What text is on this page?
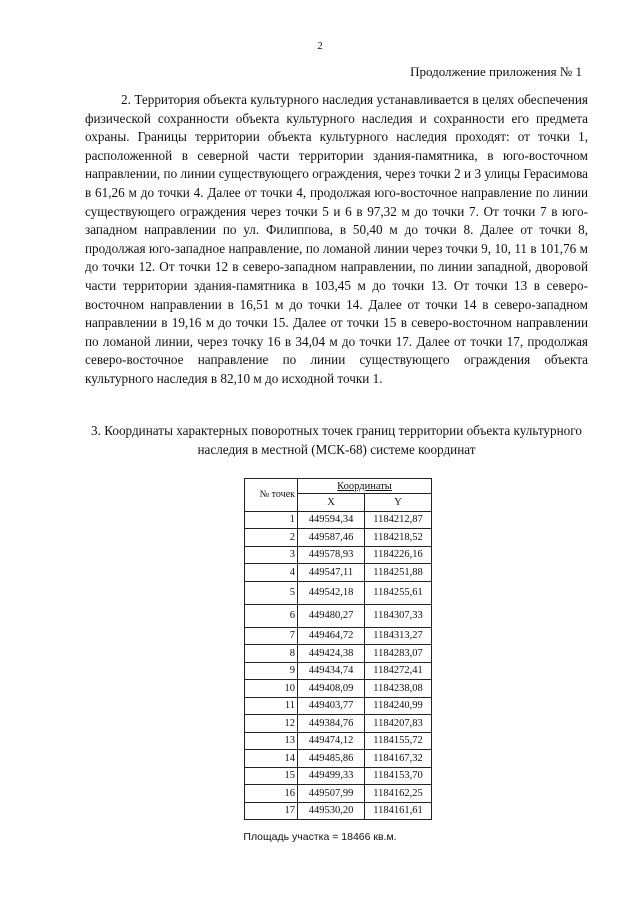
2
Продолжение приложения № 1

2. Территория объекта культурного наследия устанавливается в целях обеспечения физической сохранности объекта культурного наследия и сохранности его предмета охраны. Границы территории объекта культурного наследия проходят: от точки 1, расположенной в северной части территории здания-памятника, в юго-восточном направлении, по линии существующего ограждения, через точки 2 и 3 улицы Герасимова в 61,26 м до точки 4. Далее от точки 4, продолжая юго-восточное направление по линии существующего ограждения через точки 5 и 6 в 97,32 м до точки 7. От точки 7 в юго-западном направлении по ул. Филиппова, в 50,40 м до точки 8. Далее от точки 8, продолжая юго-западное направление, по ломаной линии через точки 9, 10, 11 в 101,76 м до точки 12. От точки 12 в северо-западном направлении, по линии западной, дворовой части территории здания-памятника в 103,45 м до точки 13. От точки 13 в северо-восточном направлении в 16,51 м до точки 14. Далее от точки 14 в северо-западном направлении в 19,16 м до точки 15. Далее от точки 15 в северо-восточном направлении по ломаной линии, через точку 16 в 34,04 м до точки 17. Далее от точки 17, продолжая северо-восточное направление по линии существующего ограждения объекта культурного наследия в 82,10 м до исходной точки 1.

3. Координаты характерных поворотных точек границ территории объекта культурного наследия в местной (МСК-68) системе координат

№ точек	Координаты	
	X	Y
1	449594,34	1184212,87
2	449587,46	1184218,52
3	449578,93	1184226,16
4	449547,11	1184251,88
5	449542,18	1184255,61
6	449480,27	1184307,33
7	449464,72	1184313,27
8	449424,38	1184283,07
9	449434,74	1184272,41
10	449408,09	1184238,08
11	449403,77	1184240,99
12	449384,76	1184207,83
13	449474,12	1184155,72
14	449485,86	1184167,32
15	449499,33	1184153,70
16	449507,99	1184162,25
17	449530,20	1184161,61
Площадь участка = 18466 кв.м.
